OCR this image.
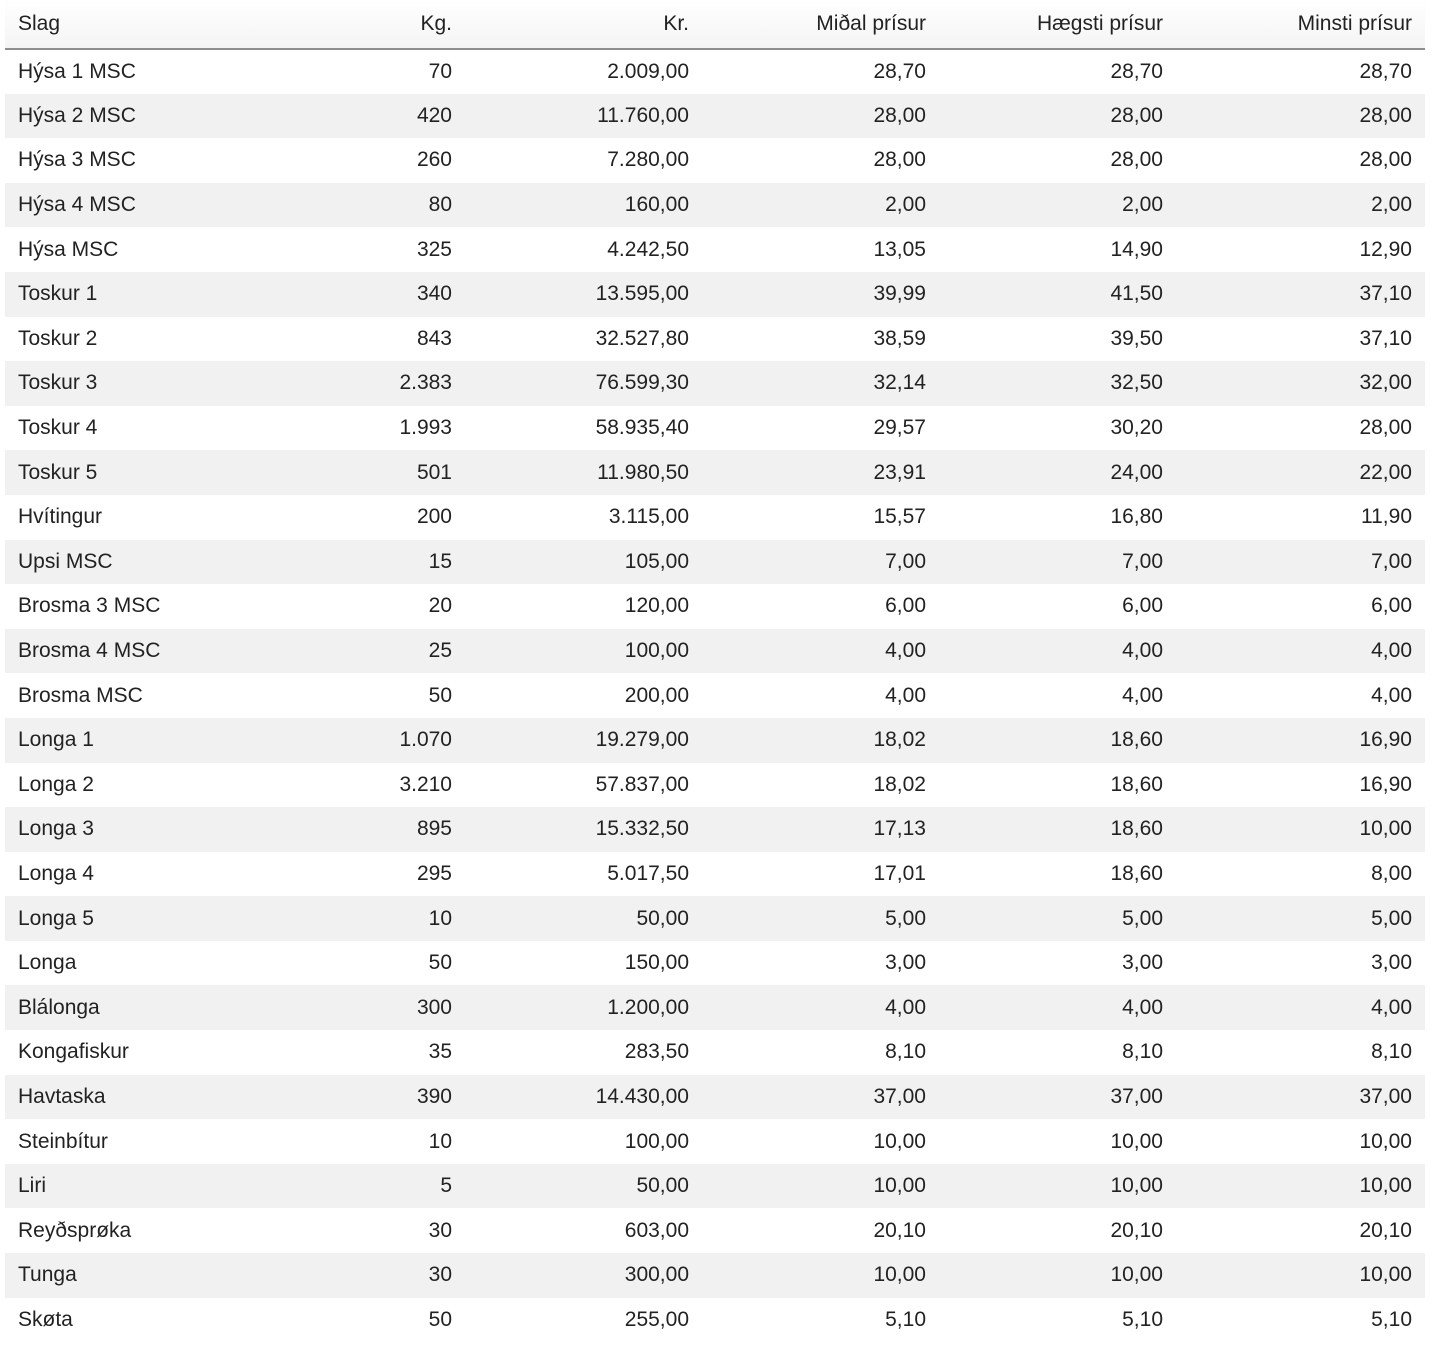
Slag	Kg.	Kr.	Miðal prísur	Hægsti prísur	Minsti prísur
Hýsa 1 MSC	70	2.009,00	28,70	28,70	28,70
Hýsa 2 MSC	420	11.760,00	28,00	28,00	28,00
Hýsa 3 MSC	260	7.280,00	28,00	28,00	28,00
Hýsa 4 MSC	80	160,00	2,00	2,00	2,00
Hýsa MSC	325	4.242,50	13,05	14,90	12,90
Toskur 1	340	13.595,00	39,99	41,50	37,10
Toskur 2	843	32.527,80	38,59	39,50	37,10
Toskur 3	2.383	76.599,30	32,14	32,50	32,00
Toskur 4	1.993	58.935,40	29,57	30,20	28,00
Toskur 5	501	11.980,50	23,91	24,00	22,00
Hvítingur	200	3.115,00	15,57	16,80	11,90
Upsi MSC	15	105,00	7,00	7,00	7,00
Brosma 3 MSC	20	120,00	6,00	6,00	6,00
Brosma 4 MSC	25	100,00	4,00	4,00	4,00
Brosma MSC	50	200,00	4,00	4,00	4,00
Longa 1	1.070	19.279,00	18,02	18,60	16,90
Longa 2	3.210	57.837,00	18,02	18,60	16,90
Longa 3	895	15.332,50	17,13	18,60	10,00
Longa 4	295	5.017,50	17,01	18,60	8,00
Longa 5	10	50,00	5,00	5,00	5,00
Longa	50	150,00	3,00	3,00	3,00
Blálonga	300	1.200,00	4,00	4,00	4,00
Kongafiskur	35	283,50	8,10	8,10	8,10
Havtaska	390	14.430,00	37,00	37,00	37,00
Steinbítur	10	100,00	10,00	10,00	10,00
Liri	5	50,00	10,00	10,00	10,00
Reyðsprøka	30	603,00	20,10	20,10	20,10
Tunga	30	300,00	10,00	10,00	10,00
Skøta	50	255,00	5,10	5,10	5,10
